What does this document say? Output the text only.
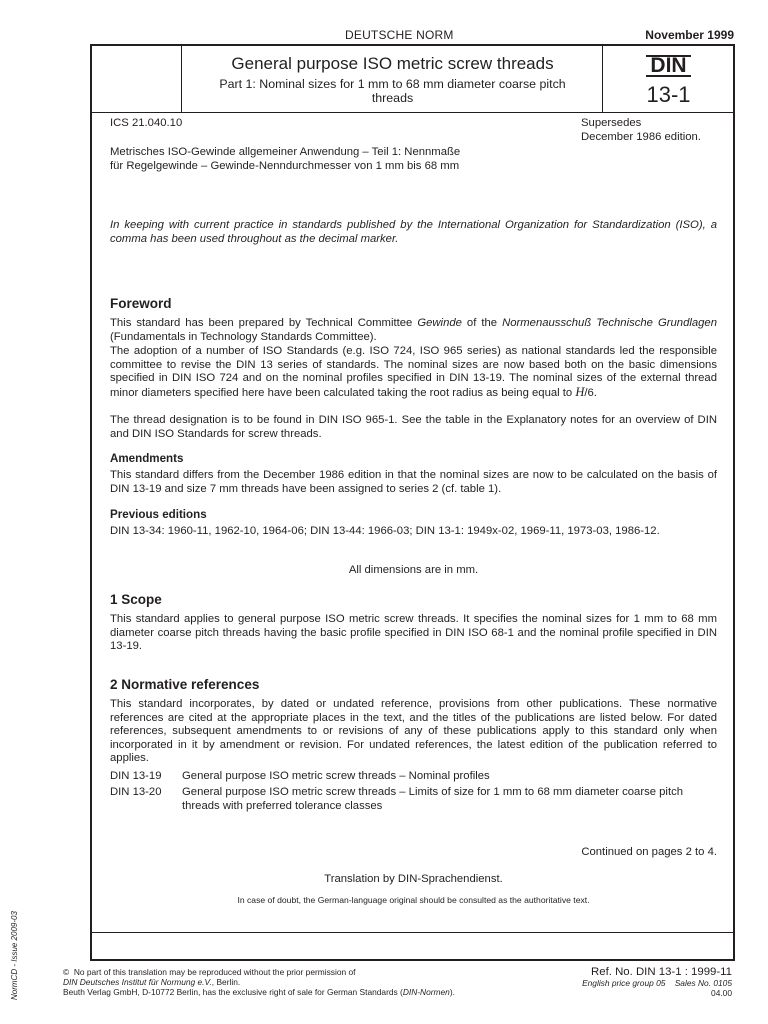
DEUTSCHE NORM	November 1999
General purpose ISO metric screw threads
Part 1: Nominal sizes for 1 mm to 68 mm diameter coarse pitch threads
DIN
13-1
ICS 21.040.10	Supersedes
December 1986 edition.
Metrisches ISO-Gewinde allgemeiner Anwendung – Teil 1: Nennmaße
für Regelgewinde – Gewinde-Nenndurchmesser von 1 mm bis 68 mm
In keeping with current practice in standards published by the International Organization for Standardization (ISO), a comma has been used throughout as the decimal marker.
Foreword
This standard has been prepared by Technical Committee Gewinde of the Normenausschuß Technische Grundlagen (Fundamentals in Technology Standards Committee).
The adoption of a number of ISO Standards (e.g. ISO 724, ISO 965 series) as national standards led the responsible committee to revise the DIN 13 series of standards. The nominal sizes are now based both on the basic dimensions specified in DIN ISO 724 and on the nominal profiles specified in DIN 13-19. The nominal sizes of the external thread minor diameters specified here have been calculated taking the root radius as being equal to H/6.
The thread designation is to be found in DIN ISO 965-1. See the table in the Explanatory notes for an overview of DIN and DIN ISO Standards for screw threads.
Amendments
This standard differs from the December 1986 edition in that the nominal sizes are now to be calculated on the basis of DIN 13-19 and size 7 mm threads have been assigned to series 2 (cf. table 1).
Previous editions
DIN 13-34: 1960-11, 1962-10, 1964-06; DIN 13-44: 1966-03; DIN 13-1: 1949x-02, 1969-11, 1973-03, 1986-12.
All dimensions are in mm.
1 Scope
This standard applies to general purpose ISO metric screw threads. It specifies the nominal sizes for 1 mm to 68 mm diameter coarse pitch threads having the basic profile specified in DIN ISO 68-1 and the nominal profile specified in DIN 13-19.
2 Normative references
This standard incorporates, by dated or undated reference, provisions from other publications. These normative references are cited at the appropriate places in the text, and the titles of the publications are listed below. For dated references, subsequent amendments to or revisions of any of these publications apply to this standard only when incorporated in it by amendment or revision. For undated references, the latest edition of the publication referred to applies.
DIN 13-19 General purpose ISO metric screw threads – Nominal profiles
DIN 13-20 General purpose ISO metric screw threads – Limits of size for 1 mm to 68 mm diameter coarse pitch threads with preferred tolerance classes
Continued on pages 2 to 4.
Translation by DIN-Sprachendienst.
In case of doubt, the German-language original should be consulted as the authoritative text.
NormCD - Issue 2009-03	© No part of this translation may be reproduced without the prior permission of
DIN Deutsches Institut für Normung e.V., Berlin.
Beuth Verlag GmbH, D-10772 Berlin, has the exclusive right of sale for German Standards (DIN-Normen).
Ref. No. DIN 13-1 : 1999-11
English price group 05 Sales No. 0105
04.00
